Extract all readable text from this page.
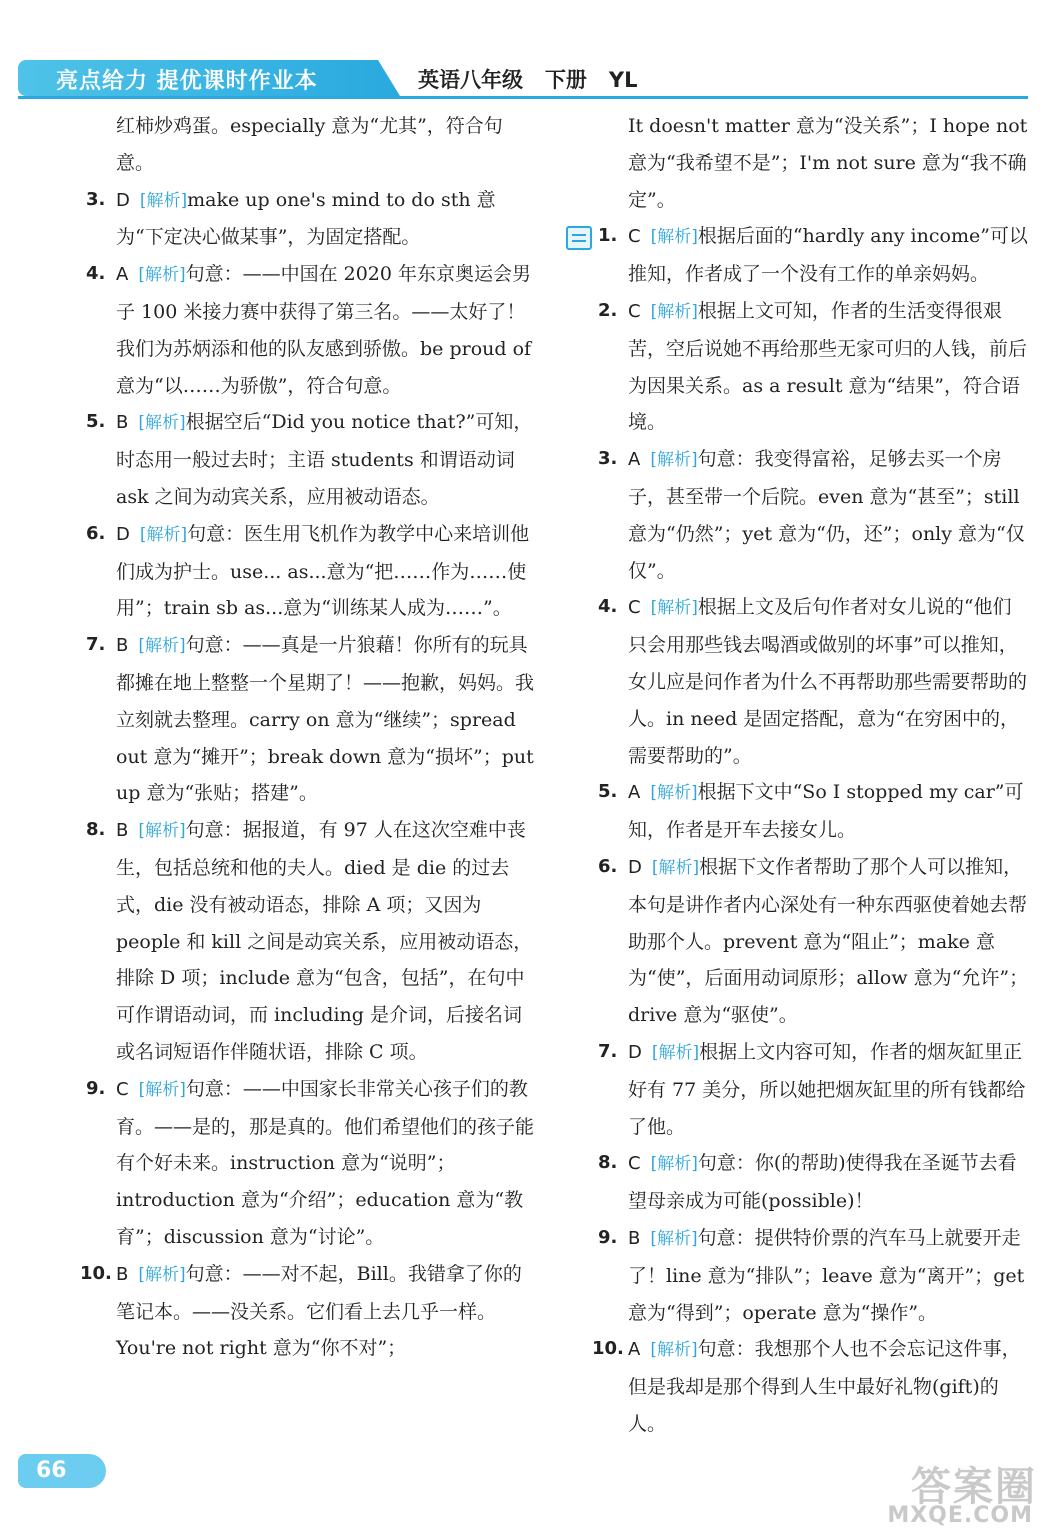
亮点给力 提优课时作业本	英语八年级   下册   YL
红柿炒鸡蛋。especially 意为“尤其”，符合句意。
3. D [解析]make up one's mind to do sth 意为“下定决心做某事”，为固定搭配。
4. A [解析]句意：——中国在 2020 年东京奥运会男子 100 米接力赛中获得了第三名。——太好了！我们为苏炳添和他的队友感到骄傲。be proud of 意为“以……为骄傲”，符合句意。
5. B [解析]根据空后“Did you notice that?”可知，时态用一般过去时；主语 students 和谓语动词 ask 之间为动宾关系，应用被动语态。
6. D [解析]句意：医生用飞机作为教学中心来培训他们成为护士。use... as...意为“把……作为……使用”；train sb as...意为“训练某人成为……”。
7. B [解析]句意：——真是一片狼藉！你所有的玩具都摊在地上整整一个星期了！——抱歉，妈妈。我立刻就去整理。carry on 意为“继续”；spread out 意为“摊开”；break down 意为“损坏”；put up 意为“张贴；搭建”。
8. B [解析]句意：据报道，有 97 人在这次空难中丧生，包括总统和他的夫人。died 是 die 的过去式，die 没有被动语态，排除 A 项；又因为 people 和 kill 之间是动宾关系，应用被动语态，排除 D 项；include 意为“包含，包括”，在句中可作谓语动词，而 including 是介词，后接名词或名词短语作伴随状语，排除 C 项。
9. C [解析]句意：——中国家长非常关心孩子们的教育。——是的，那是真的。他们希望他们的孩子能有个好未来。instruction 意为“说明”；introduction 意为“介绍”；education 意为“教育”；discussion 意为“讨论”。
10. B [解析]句意：——对不起，Bill。我错拿了你的笔记本。——没关系。它们看上去几乎一样。You're not right 意为“你不对”；
It doesn't matter 意为“没关系”；I hope not 意为“我希望不是”；I'm not sure 意为“我不确定”。
1. C [解析]根据后面的“hardly any income”可以推知，作者成了一个没有工作的单亲妈妈。
2. C [解析]根据上文可知，作者的生活变得很艰苦，空后说她不再给那些无家可归的人钱，前后为因果关系。as a result 意为“结果”，符合语境。
3. A [解析]句意：我变得富裕，足够去买一个房子，甚至带一个后院。even 意为“甚至”；still 意为“仍然”；yet 意为“仍，还”；only 意为“仅仅”。
4. C [解析]根据上文及后句作者对女儿说的“他们只会用那些钱去喝酒或做别的坏事”可以推知，女儿应是问作者为什么不再帮助那些需要帮助的人。in need 是固定搭配，意为“在穷困中的，需要帮助的”。
5. A [解析]根据下文中“So I stopped my car”可知，作者是开车去接女儿。
6. D [解析]根据下文作者帮助了那个人可以推知，本句是讲作者内心深处有一种东西驱使着她去帮助那个人。prevent 意为“阻止”；make 意为“使”，后面用动词原形；allow 意为“允许”；drive 意为“驱使”。
7. D [解析]根据上文内容可知，作者的烟灰缸里正好有 77 美分，所以她把烟灰缸里的所有钱都给了他。
8. C [解析]句意：你(的帮助)使得我在圣诞节去看望母亲成为可能(possible)！
9. B [解析]句意：提供特价票的汽车马上就要开走了！line 意为“排队”；leave 意为“离开”；get 意为“得到”；operate 意为“操作”。
10. A [解析]句意：我想那个人也不会忘记这件事，但是我却是那个得到人生中最好礼物(gift)的人。
66	答案圈
MXQE.COM
